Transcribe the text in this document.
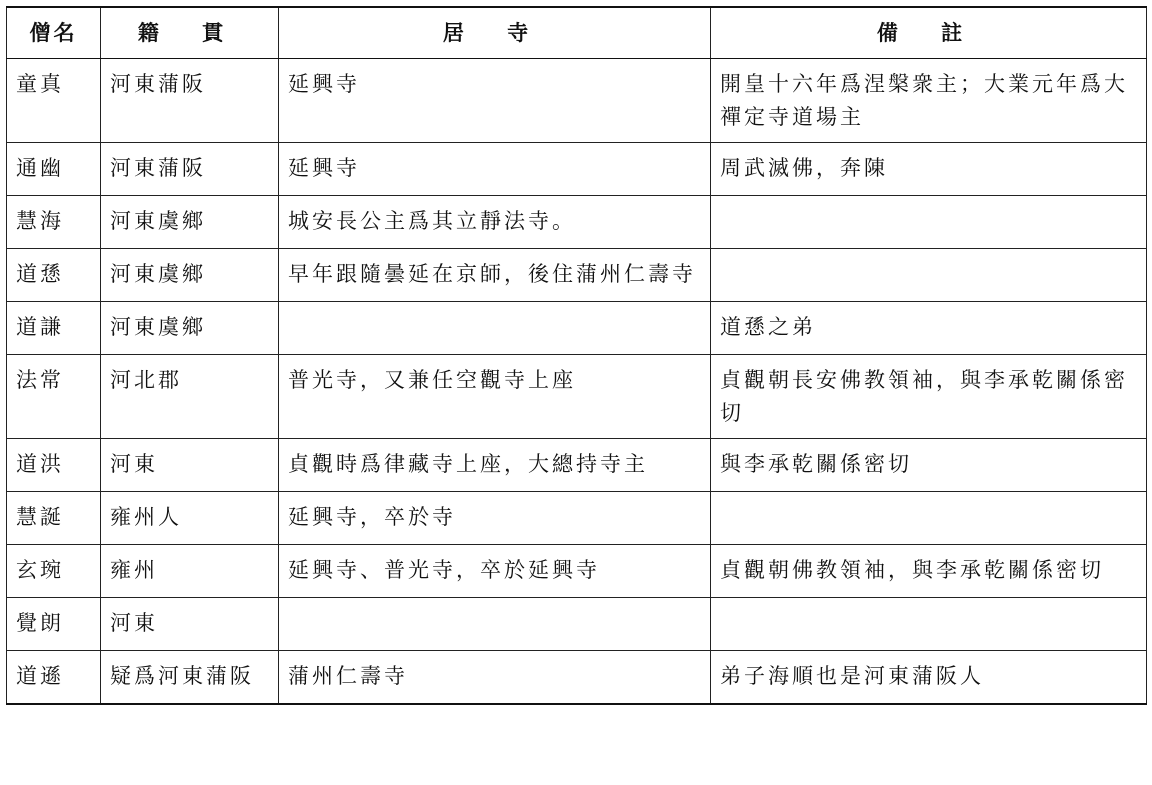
僧名	籍 貫	居 寺	備 註
童真	河東蒲阪	延興寺	開皇十六年爲涅槃衆主；大業元年爲大禪定寺道場主
通幽	河東蒲阪	延興寺	周武滅佛，奔陳
慧海	河東虞鄉	城安長公主爲其立靜法寺。	
道愻	河東虞鄉	早年跟隨曇延在京師，後住蒲州仁壽寺	
道謙	河東虞鄉		道愻之弟
法常	河北郡	普光寺，又兼任空觀寺上座	貞觀朝長安佛教領袖，與李承乾關係密切
道洪	河東	貞觀時爲律藏寺上座，大總持寺主	與李承乾關係密切
慧誕	雍州人	延興寺，卒於寺	
玄琬	雍州	延興寺、普光寺，卒於延興寺	貞觀朝佛教領袖，與李承乾關係密切
覺朗	河東		
道遜	疑爲河東蒲阪	蒲州仁壽寺	弟子海順也是河東蒲阪人
